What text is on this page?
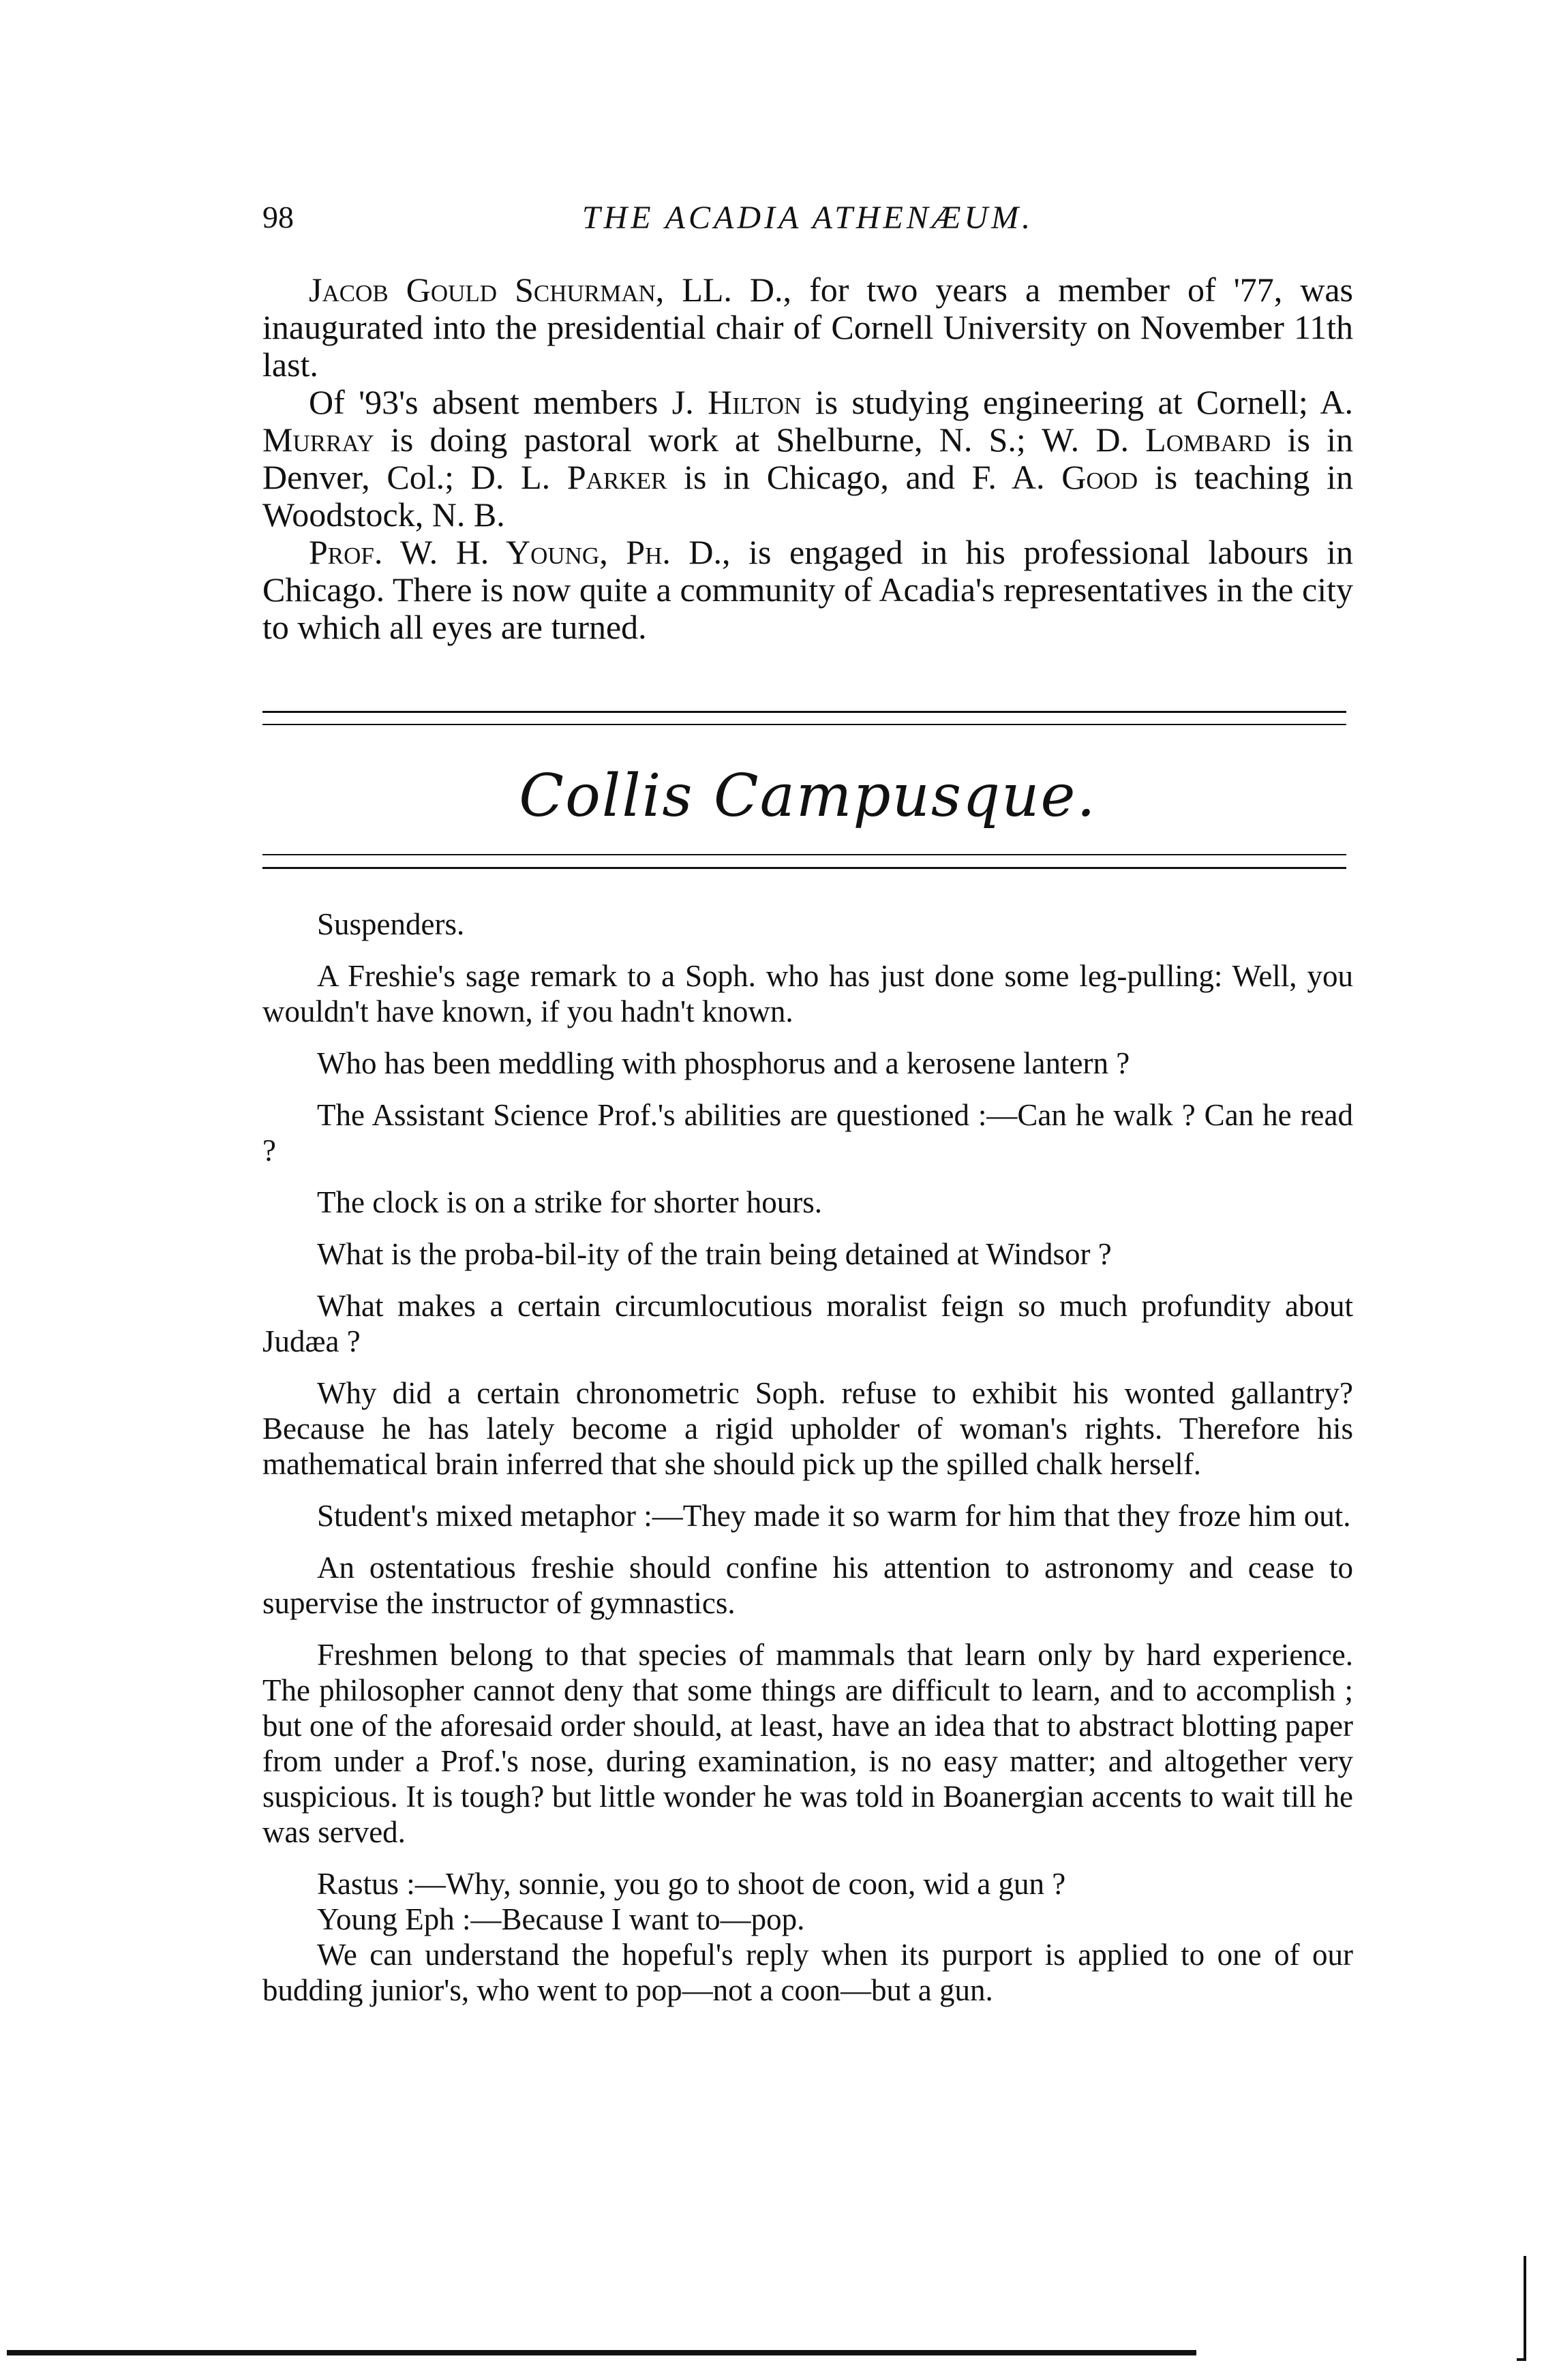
98	THE ACADIA ATHENÆUM.

Jacob Gould Schurman, LL. D., for two years a member of '77, was inaugurated into the presidential chair of Cornell University on November 11th last.

Of '93's absent members J. Hilton is studying engineering at Cornell; A. Murray is doing pastoral work at Shelburne, N. S.; W. D. Lombard is in Denver, Col.; D. L. Parker is in Chicago, and F. A. Good is teaching in Woodstock, N. B.

Prof. W. H. Young, Ph. D., is engaged in his professional labours in Chicago. There is now quite a community of Acadia's representatives in the city to which all eyes are turned.

Collis Campusque.

Suspenders.

A Freshie's sage remark to a Soph. who has just done some leg-pulling: Well, you wouldn't have known, if you hadn't known.

Who has been meddling with phosphorus and a kerosene lantern ?

The Assistant Science Prof.'s abilities are questioned :—Can he walk ? Can he read ?

The clock is on a strike for shorter hours.

What is the proba-bil-ity of the train being detained at Windsor ?

What makes a certain circumlocutious moralist feign so much profundity about Judæa ?

Why did a certain chronometric Soph. refuse to exhibit his wonted gallantry? Because he has lately become a rigid upholder of woman's rights. Therefore his mathematical brain inferred that she should pick up the spilled chalk herself.

Student's mixed metaphor :—They made it so warm for him that they froze him out.

An ostentatious freshie should confine his attention to astronomy and cease to supervise the instructor of gymnastics.

Freshmen belong to that species of mammals that learn only by hard experience. The philosopher cannot deny that some things are difficult to learn, and to accomplish ; but one of the aforesaid order should, at least, have an idea that to abstract blotting paper from under a Prof.'s nose, during examination, is no easy matter; and altogether very suspicious. It is tough? but little wonder he was told in Boanergian accents to wait till he was served.

Rastus :—Why, sonnie, you go to shoot de coon, wid a gun ?

Young Eph :—Because I want to—pop.

We can understand the hopeful's reply when its purport is applied to one of our budding junior's, who went to pop—not a coon—but a gun.
